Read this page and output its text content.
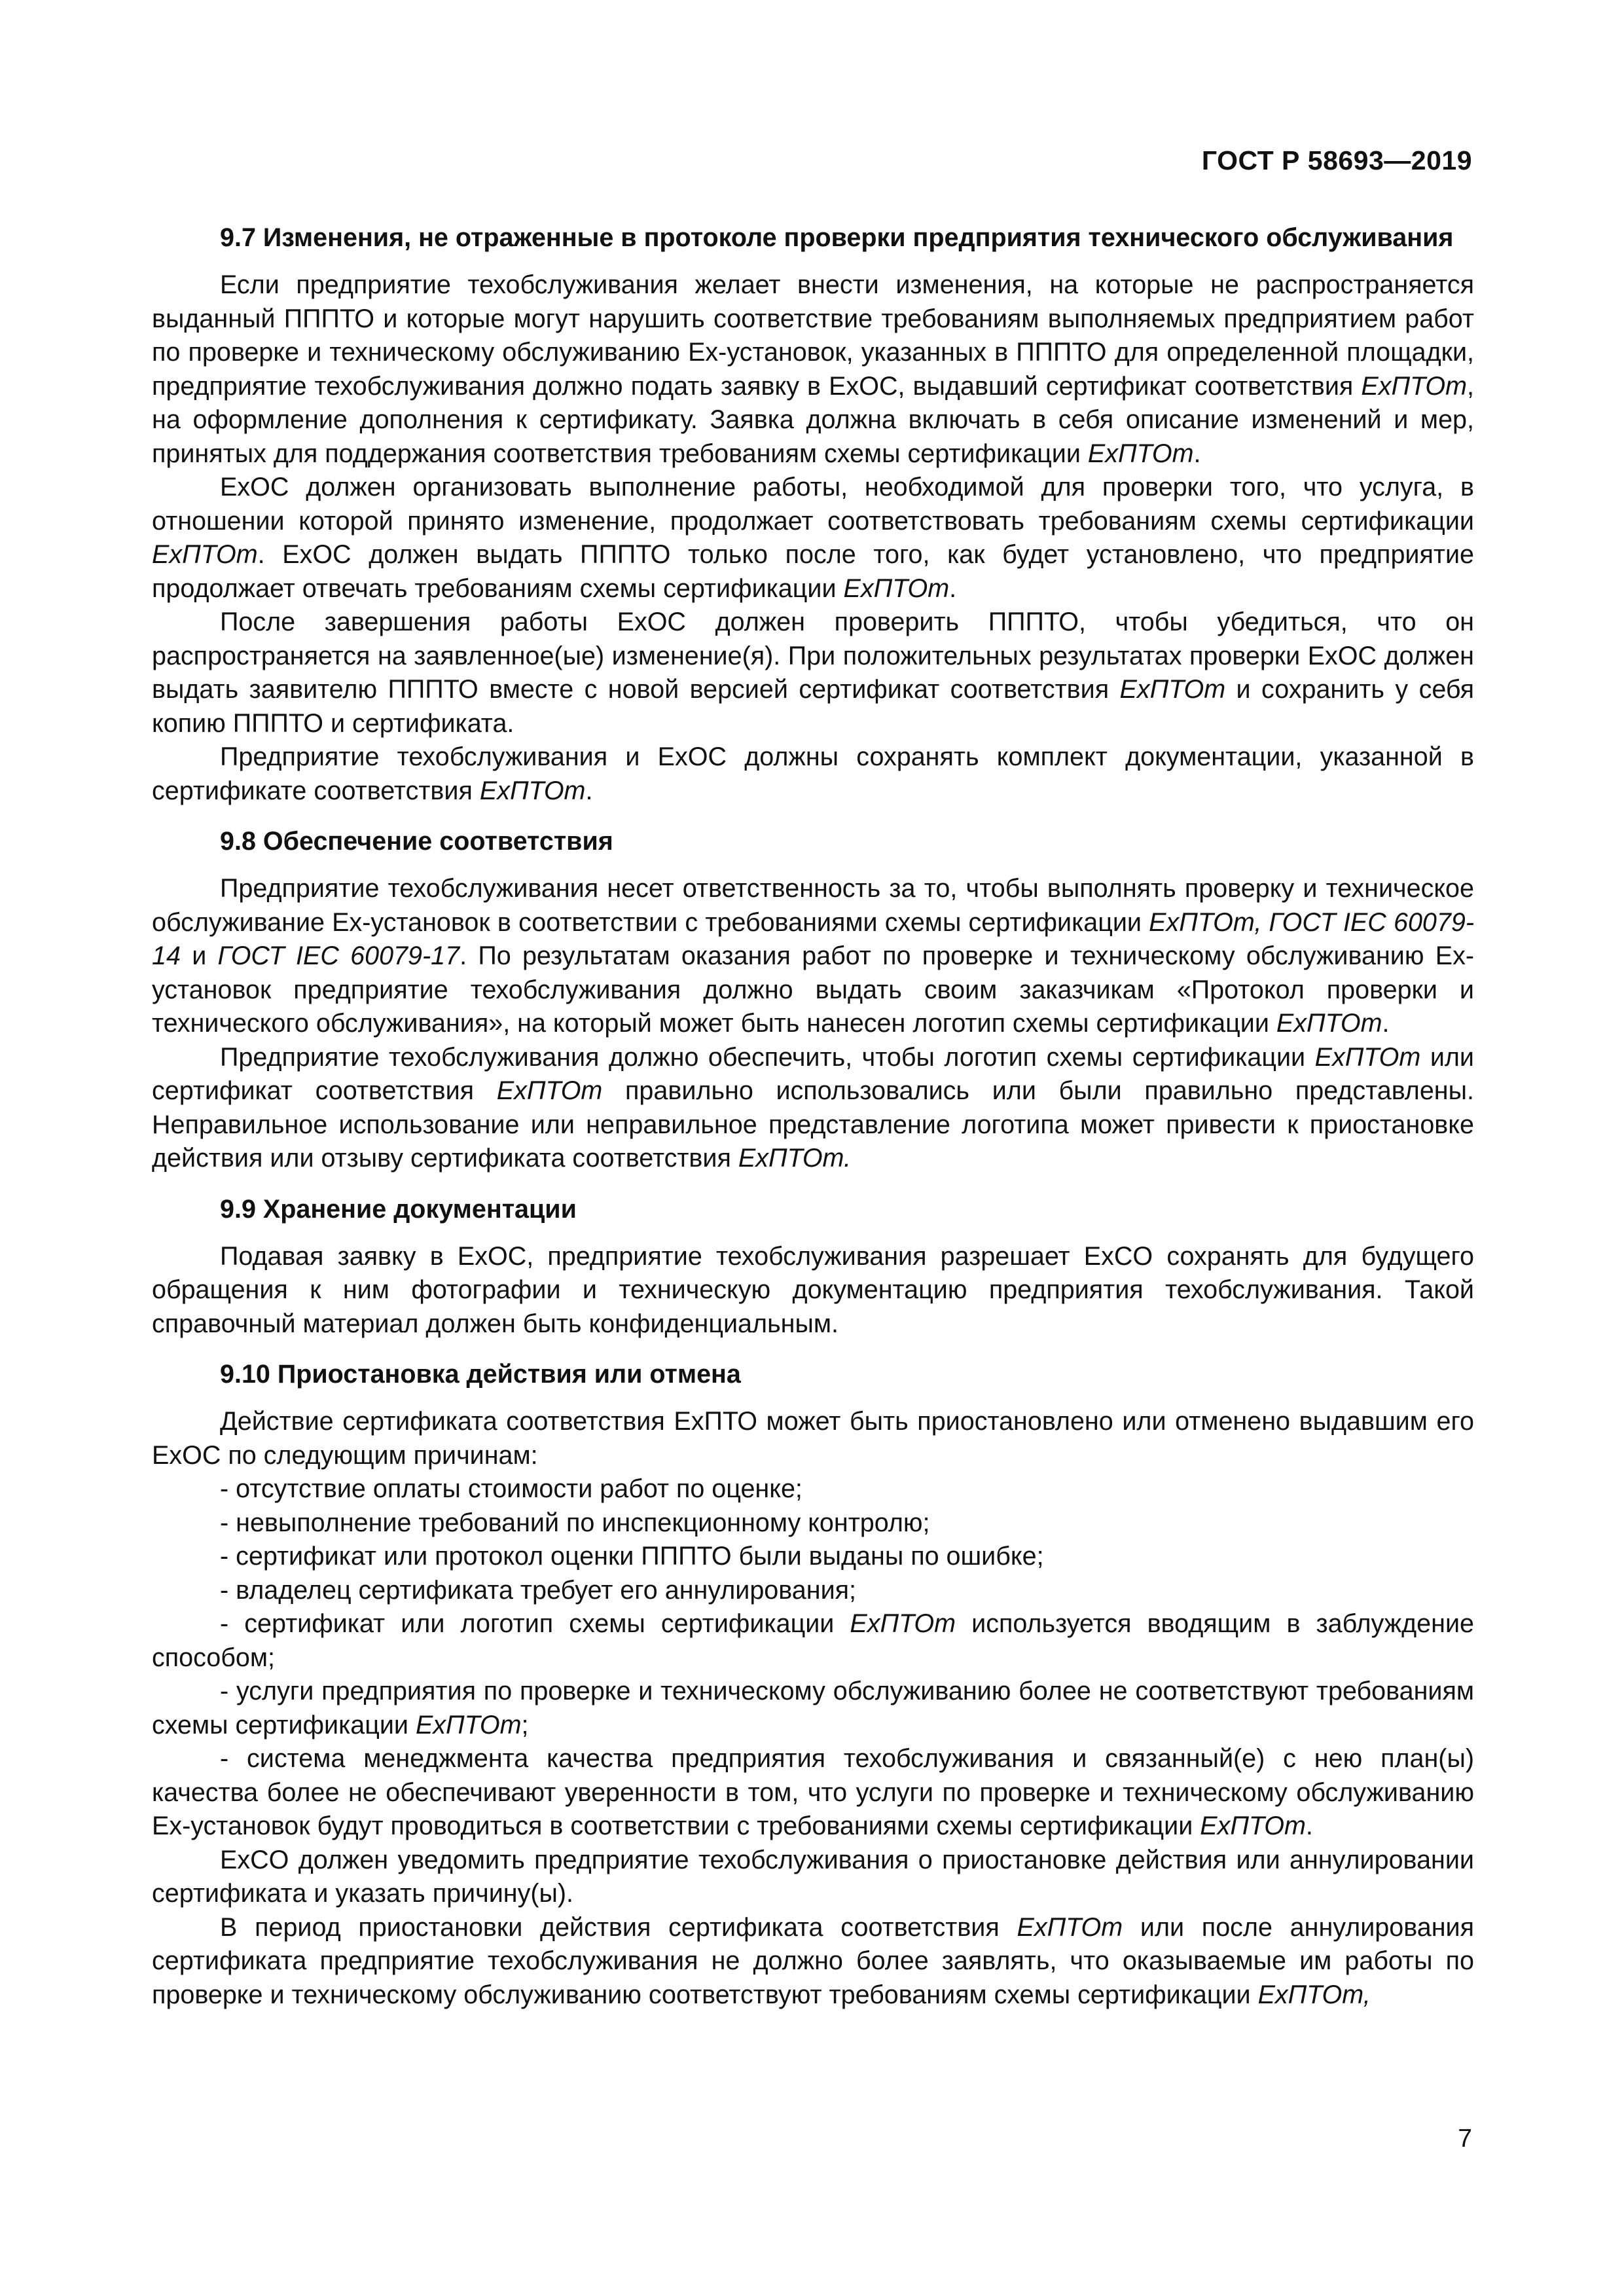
ГОСТ Р 58693—2019
9.7 Изменения, не отраженные в протоколе проверки предприятия технического обслуживания

Если предприятие техобслуживания желает внести изменения, на которые не распространяется выданный ПППТО и которые могут нарушить соответствие требованиям выполняемых предприятием работ по проверке и техническому обслуживанию Ех-установок, указанных в ПППТО для определенной площадки, предприятие техобслуживания должно подать заявку в ExOC, выдавший сертификат соответствия ExПТОт, на оформление дополнения к сертификату. Заявка должна включать в себя описание изменений и мер, принятых для поддержания соответствия требованиям схемы сертификации ExПТОт.

ExOC должен организовать выполнение работы, необходимой для проверки того, что услуга, в отношении которой принято изменение, продолжает соответствовать требованиям схемы сертификации ExПТОт. ExOC должен выдать ПППТО только после того, как будет установлено, что предприятие продолжает отвечать требованиям схемы сертификации ExПТОт.

После завершения работы ExOC должен проверить ПППТО, чтобы убедиться, что он распространяется на заявленное(ые) изменение(я). При положительных результатах проверки ExOC должен выдать заявителю ПППТО вместе с новой версией сертификат соответствия ExПТОт и сохранить у себя копию ПППТО и сертификата.

Предприятие техобслуживания и ExOC должны сохранять комплект документации, указанной в сертификате соответствия ExПТОт.

9.8 Обеспечение соответствия

Предприятие техобслуживания несет ответственность за то, чтобы выполнять проверку и техническое обслуживание Ех-установок в соответствии с требованиями схемы сертификации ExПТОт, ГОСТ IEC 60079-14 и ГОСТ IEC 60079-17. По результатам оказания работ по проверке и техническому обслуживанию Ех-установок предприятие техобслуживания должно выдать своим заказчикам «Протокол проверки и технического обслуживания», на который может быть нанесен логотип схемы сертификации ExПТОт.

Предприятие техобслуживания должно обеспечить, чтобы логотип схемы сертификации ExПТОт или сертификат соответствия ExПТОт правильно использовались или были правильно представлены. Неправильное использование или неправильное представление логотипа может привести к приостановке действия или отзыву сертификата соответствия ExПТОт.

9.9 Хранение документации

Подавая заявку в ExOC, предприятие техобслуживания разрешает ExCO сохранять для будущего обращения к ним фотографии и техническую документацию предприятия техобслуживания. Такой справочный материал должен быть конфиденциальным.

9.10 Приостановка действия или отмена

Действие сертификата соответствия ExПТО может быть приостановлено или отменено выдавшим его ExOC по следующим причинам:

- отсутствие оплаты стоимости работ по оценке;

- невыполнение требований по инспекционному контролю;

- сертификат или протокол оценки ПППТО были выданы по ошибке;

- владелец сертификата требует его аннулирования;

- сертификат или логотип схемы сертификации ExПТОт используется вводящим в заблуждение способом;

- услуги предприятия по проверке и техническому обслуживанию более не соответствуют требованиям схемы сертификации ExПТОт;

- система менеджмента качества предприятия техобслуживания и связанный(е) с нею план(ы) качества более не обеспечивают уверенности в том, что услуги по проверке и техническому обслуживанию Ех-установок будут проводиться в соответствии с требованиями схемы сертификации ExПТОт.

ExCO должен уведомить предприятие техобслуживания о приостановке действия или аннулировании сертификата и указать причину(ы).

В период приостановки действия сертификата соответствия ExПТОт или после аннулирования сертификата предприятие техобслуживания не должно более заявлять, что оказываемые им работы по проверке и техническому обслуживанию соответствуют требованиям схемы сертификации ExПТОт,

7
